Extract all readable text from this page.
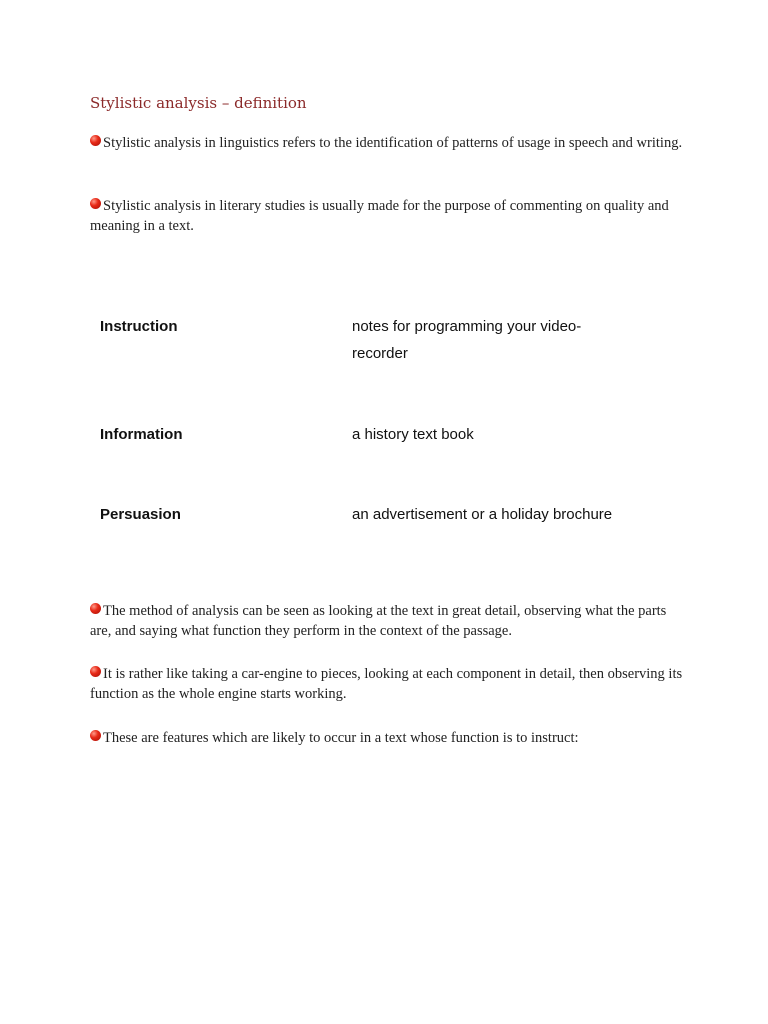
Stylistic analysis – definition
Stylistic analysis in linguistics refers to the identification of patterns of usage in speech and writing.
Stylistic analysis in literary studies is usually made for the purpose of commenting on quality and meaning in a text.
Instruction	notes for programming your video-recorder
Information	a history text book
Persuasion	an advertisement or a holiday brochure
The method of analysis can be seen as looking at the text in great detail, observing what the parts are, and saying what function they perform in the context of the passage.
It is rather like taking a car-engine to pieces, looking at each component in detail, then observing its function as the whole engine starts working.
These are features which are likely to occur in a text whose function is to instruct:
